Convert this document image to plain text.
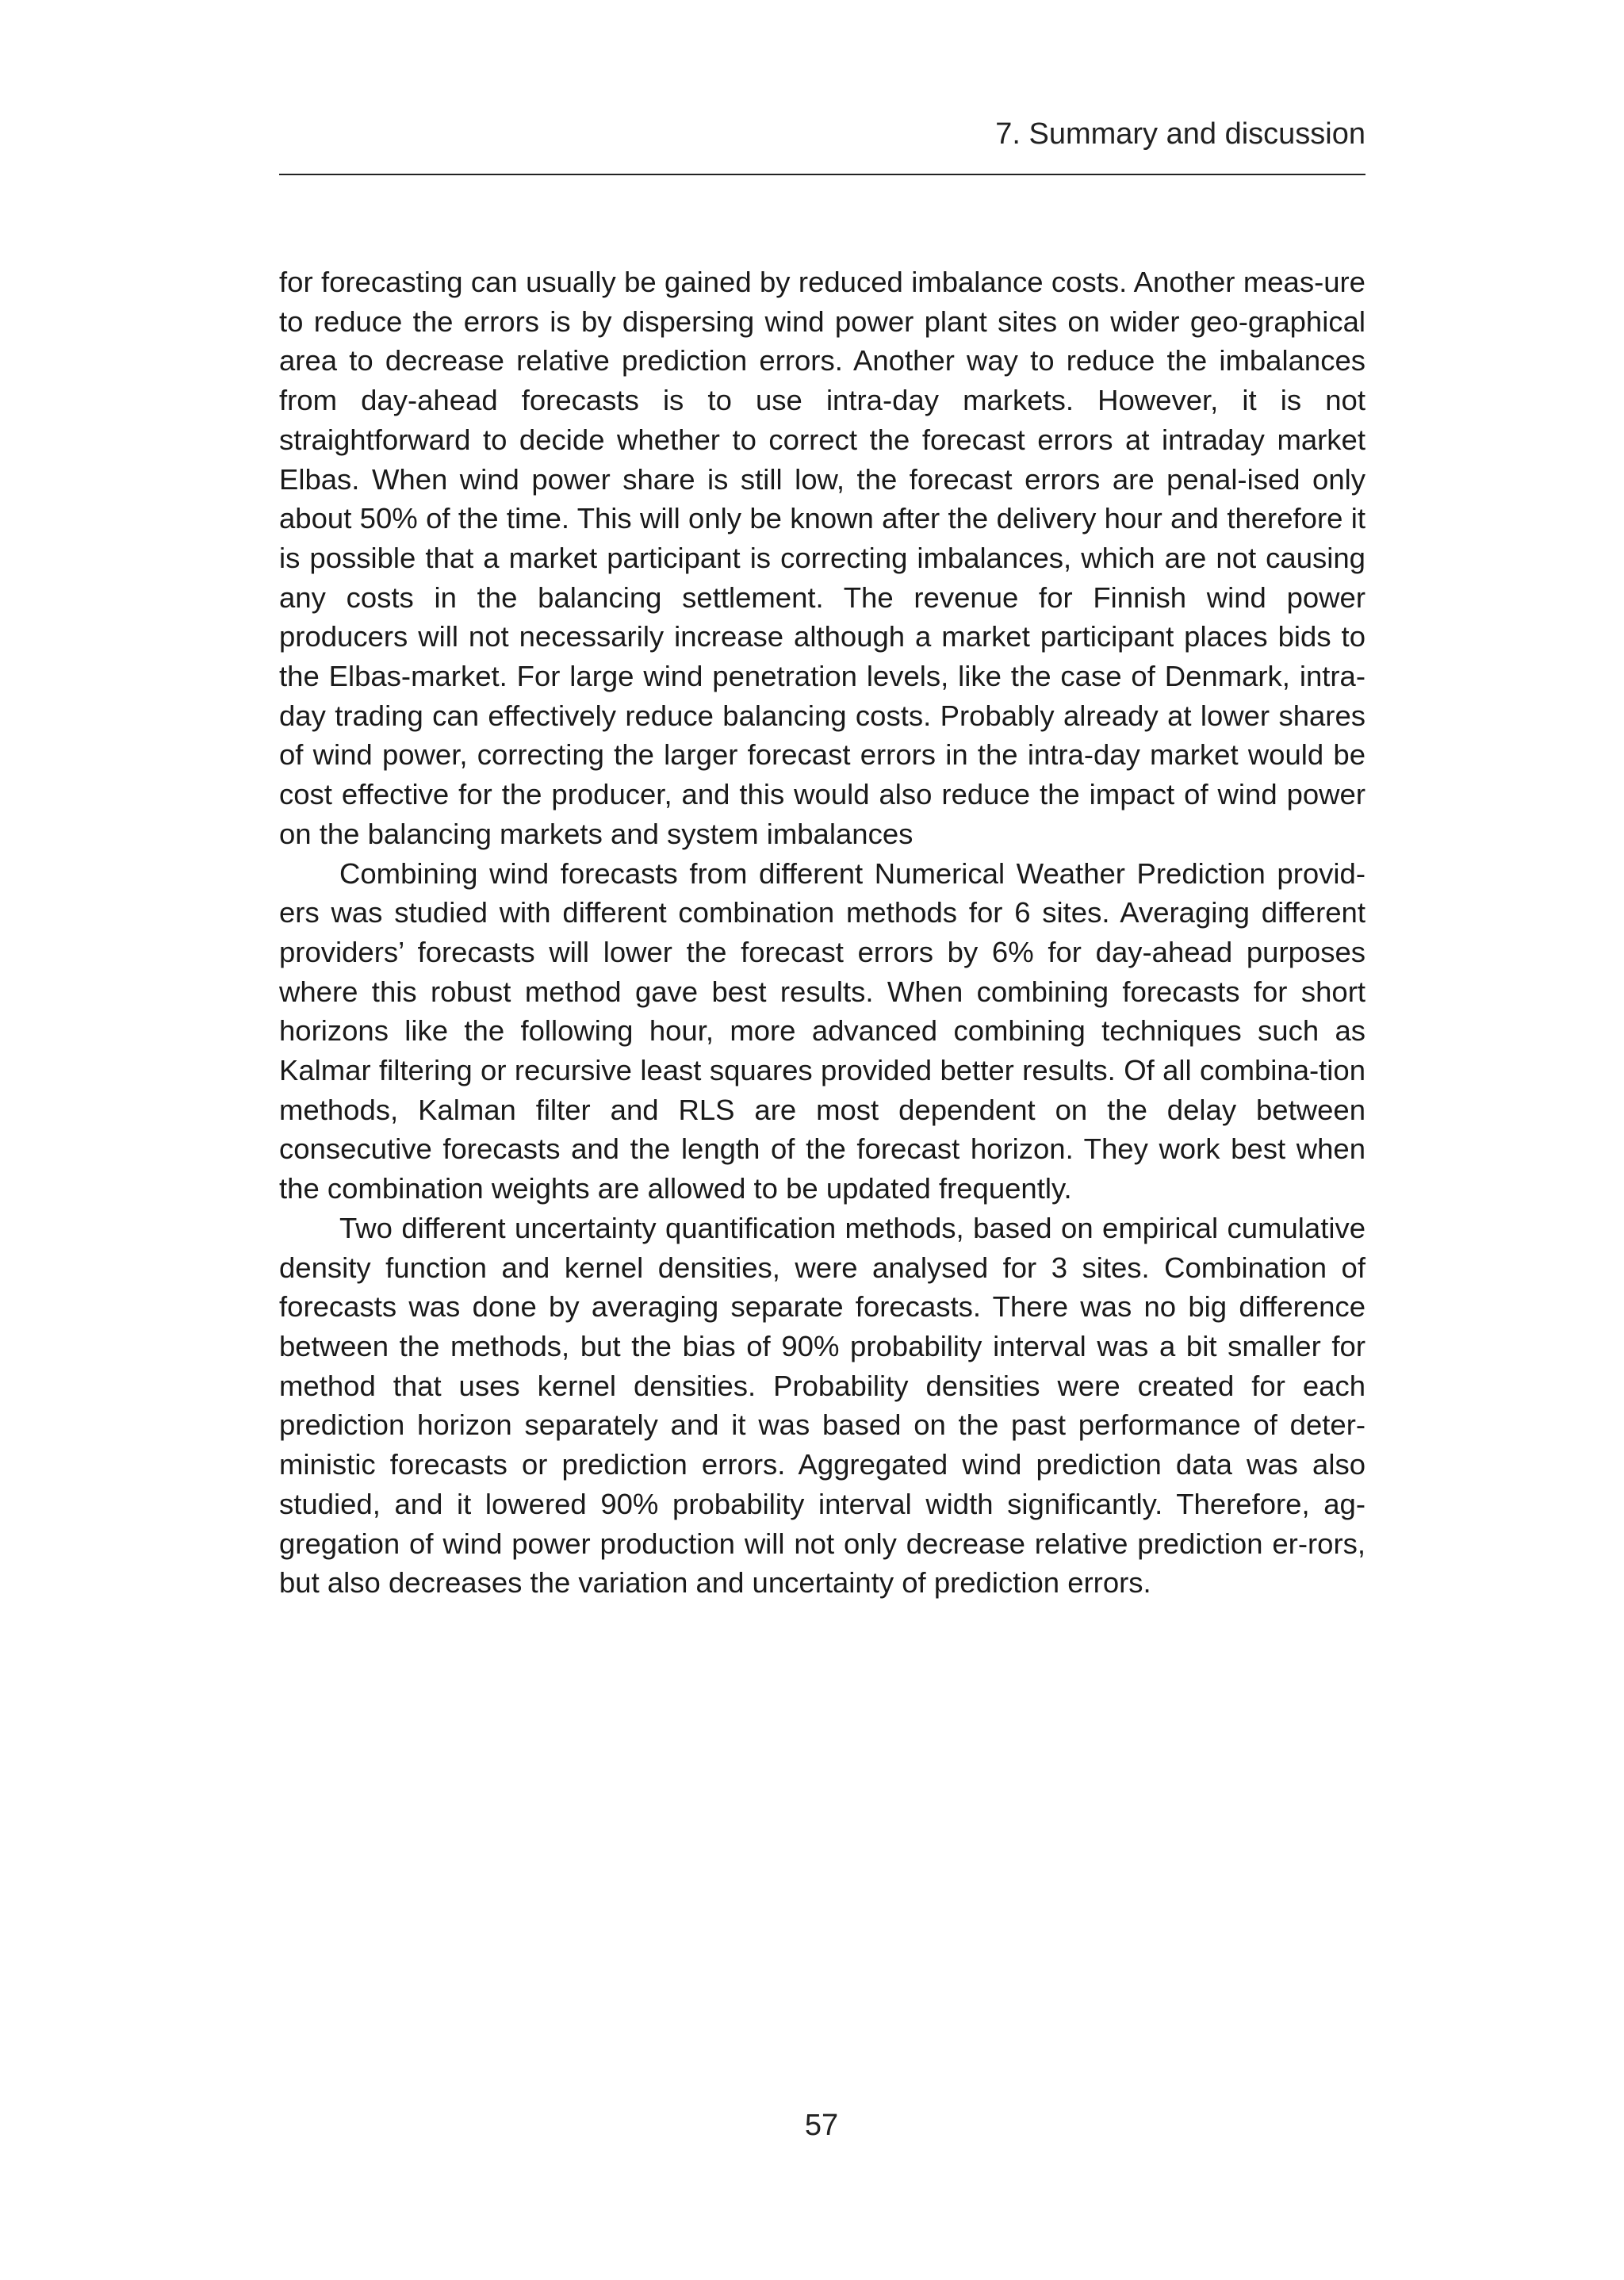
7. Summary and discussion

for forecasting can usually be gained by reduced imbalance costs. Another meas-ure to reduce the errors is by dispersing wind power plant sites on wider geo-graphical area to decrease relative prediction errors. Another way to reduce the imbalances from day-ahead forecasts is to use intra-day markets. However, it is not straightforward to decide whether to correct the forecast errors at intraday market Elbas. When wind power share is still low, the forecast errors are penal-ised only about 50% of the time. This will only be known after the delivery hour and therefore it is possible that a market participant is correcting imbalances, which are not causing any costs in the balancing settlement. The revenue for Finnish wind power producers will not necessarily increase although a market participant places bids to the Elbas-market. For large wind penetration levels, like the case of Denmark, intra-day trading can effectively reduce balancing costs. Probably already at lower shares of wind power, correcting the larger forecast errors in the intra-day market would be cost effective for the producer, and this would also reduce the impact of wind power on the balancing markets and system imbalances

Combining wind forecasts from different Numerical Weather Prediction provid-ers was studied with different combination methods for 6 sites. Averaging different providers’ forecasts will lower the forecast errors by 6% for day-ahead purposes where this robust method gave best results. When combining forecasts for short horizons like the following hour, more advanced combining techniques such as Kalmar filtering or recursive least squares provided better results. Of all combina-tion methods, Kalman filter and RLS are most dependent on the delay between consecutive forecasts and the length of the forecast horizon. They work best when the combination weights are allowed to be updated frequently.

Two different uncertainty quantification methods, based on empirical cumulative density function and kernel densities, were analysed for 3 sites. Combination of forecasts was done by averaging separate forecasts. There was no big difference between the methods, but the bias of 90% probability interval was a bit smaller for method that uses kernel densities. Probability densities were created for each prediction horizon separately and it was based on the past performance of deter-ministic forecasts or prediction errors. Aggregated wind prediction data was also studied, and it lowered 90% probability interval width significantly. Therefore, ag-gregation of wind power production will not only decrease relative prediction er-rors, but also decreases the variation and uncertainty of prediction errors.

57
